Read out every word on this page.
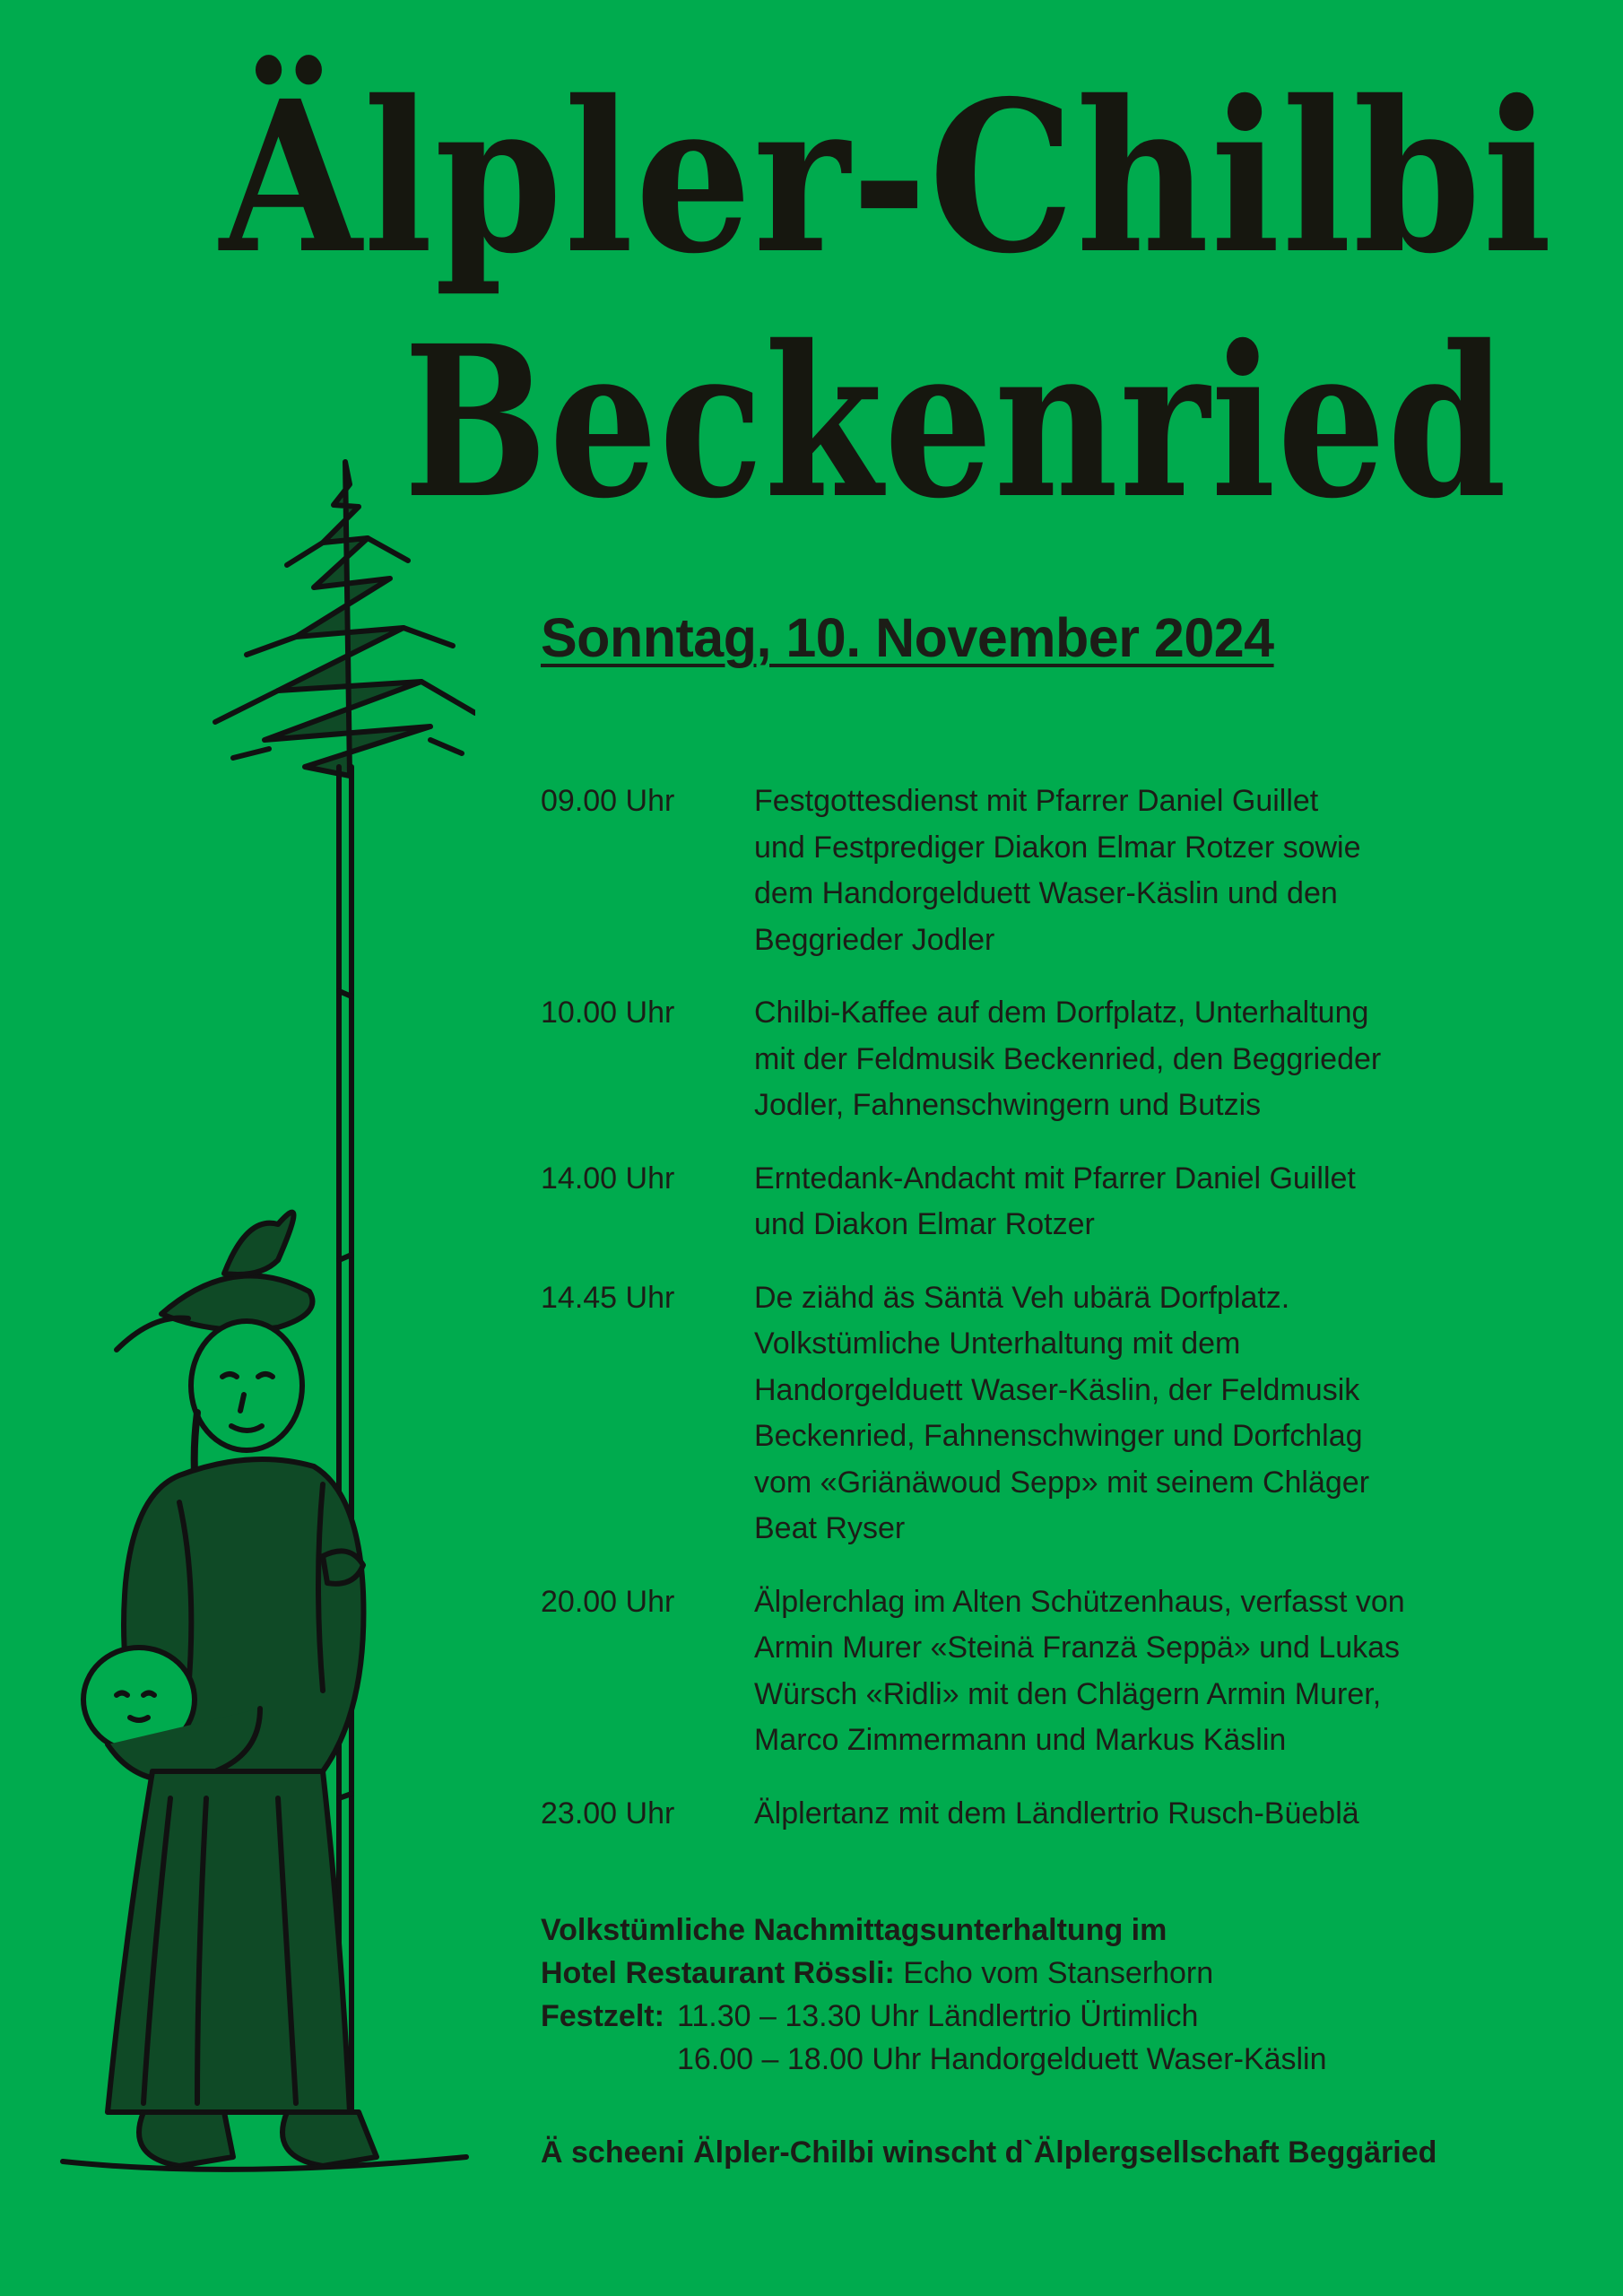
Älpler-Chilbi
Beckenried
Sonntag, 10. November 2024
09.00 Uhr	Festgottesdienst mit Pfarrer Daniel Guillet
und Festprediger Diakon Elmar Rotzer sowie
dem Handorgelduett Waser-Käslin und den
Beggrieder Jodler
10.00 Uhr	Chilbi-Kaffee auf dem Dorfplatz, Unterhaltung
mit der Feldmusik Beckenried, den Beggrieder
Jodler, Fahnenschwingern und Butzis
14.00 Uhr	Erntedank-Andacht mit Pfarrer Daniel Guillet
und Diakon Elmar Rotzer
14.45 Uhr	De ziähd äs Säntä Veh ubärä Dorfplatz.
Volkstümliche Unterhaltung mit dem
Handorgelduett Waser-Käslin, der Feldmusik
Beckenried, Fahnenschwinger und Dorfchlag
vom «Griänäwoud Sepp» mit seinem Chläger
Beat Ryser
20.00 Uhr	Älplerchlag im Alten Schützenhaus, verfasst von
Armin Murer «Steinä Franzä Seppä» und Lukas
Würsch «Ridli» mit den Chlägern Armin Murer,
Marco Zimmermann und Markus Käslin
23.00 Uhr	Älplertanz mit dem Ländlertrio Rusch-Büeblä
Volkstümliche Nachmittagsunterhaltung im
Hotel Restaurant Rössli: Echo vom Stanserhorn
Festzelt: 11.30 – 13.30 Uhr Ländlertrio Ürtimlich
16.00 – 18.00 Uhr Handorgelduett Waser-Käslin
Ä scheeni Älpler-Chilbi winscht d`Älplergsellschaft Beggäried
